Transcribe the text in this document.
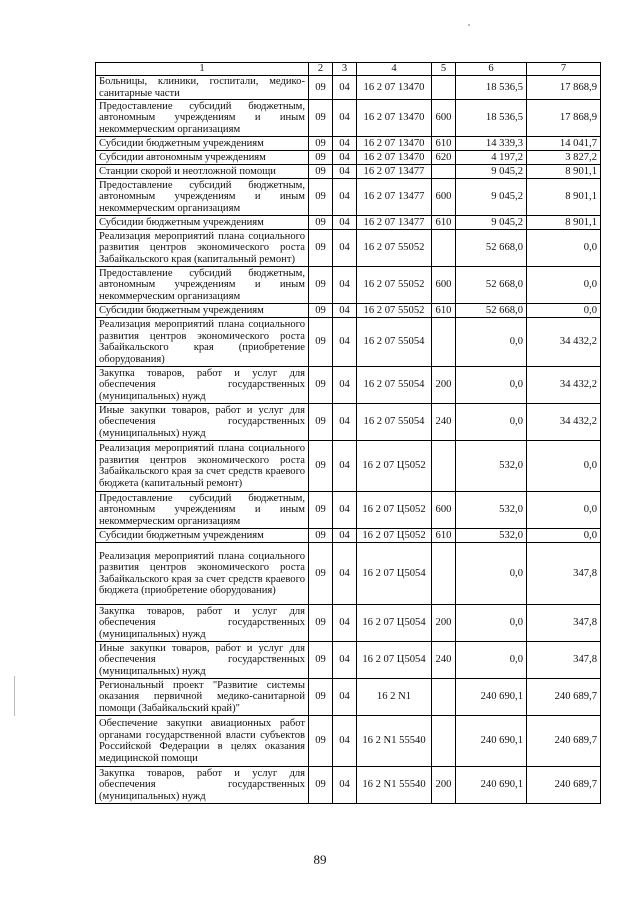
1	2	3	4	5	6	7
Больницы, клиники, госпитали, медико-санитарные части	09	04	16 2 07 13470		18 536,5	17 868,9
Предоставление субсидий бюджетным, автономным учреждениям и иным некоммерческим организациям	09	04	16 2 07 13470	600	18 536,5	17 868,9
Субсидии бюджетным учреждениям	09	04	16 2 07 13470	610	14 339,3	14 041,7
Субсидии автономным учреждениям	09	04	16 2 07 13470	620	4 197,2	3 827,2
Станции скорой и неотложной помощи	09	04	16 2 07 13477		9 045,2	8 901,1
Предоставление субсидий бюджетным, автономным учреждениям и иным некоммерческим организациям	09	04	16 2 07 13477	600	9 045,2	8 901,1
Субсидии бюджетным учреждениям	09	04	16 2 07 13477	610	9 045,2	8 901,1
Реализация мероприятий плана социального развития центров экономического роста Забайкальского края (капитальный ремонт)	09	04	16 2 07 55052		52 668,0	0,0
Предоставление субсидий бюджетным, автономным учреждениям и иным некоммерческим организациям	09	04	16 2 07 55052	600	52 668,0	0,0
Субсидии бюджетным учреждениям	09	04	16 2 07 55052	610	52 668,0	0,0
Реализация мероприятий плана социального развития центров экономического роста Забайкальского края (приобретение оборудования)	09	04	16 2 07 55054		0,0	34 432,2
Закупка товаров, работ и услуг для обеспечения государственных (муниципальных) нужд	09	04	16 2 07 55054	200	0,0	34 432,2
Иные закупки товаров, работ и услуг для обеспечения государственных (муниципальных) нужд	09	04	16 2 07 55054	240	0,0	34 432,2
Реализация мероприятий плана социального развития центров экономического роста Забайкальского края за счет средств краевого бюджета (капитальный ремонт)	09	04	16 2 07 Ц5052		532,0	0,0
Предоставление субсидий бюджетным, автономным учреждениям и иным некоммерческим организациям	09	04	16 2 07 Ц5052	600	532,0	0,0
Субсидии бюджетным учреждениям	09	04	16 2 07 Ц5052	610	532,0	0,0
Реализация мероприятий плана социального развития центров экономического роста Забайкальского края за счет средств краевого бюджета (приобретение оборудования)	09	04	16 2 07 Ц5054		0,0	347,8
Закупка товаров, работ и услуг для обеспечения государственных (муниципальных) нужд	09	04	16 2 07 Ц5054	200	0,0	347,8
Иные закупки товаров, работ и услуг для обеспечения государственных (муниципальных) нужд	09	04	16 2 07 Ц5054	240	0,0	347,8
Региональный проект "Развитие системы оказания первичной медико-санитарной помощи (Забайкальский край)"	09	04	16 2 N1		240 690,1	240 689,7
Обеспечение закупки авиационных работ органами государственной власти субъектов Российской Федерации в целях оказания медицинской помощи	09	04	16 2 N1 55540		240 690,1	240 689,7
Закупка товаров, работ и услуг для обеспечения государственных (муниципальных) нужд	09	04	16 2 N1 55540	200	240 690,1	240 689,7
89
